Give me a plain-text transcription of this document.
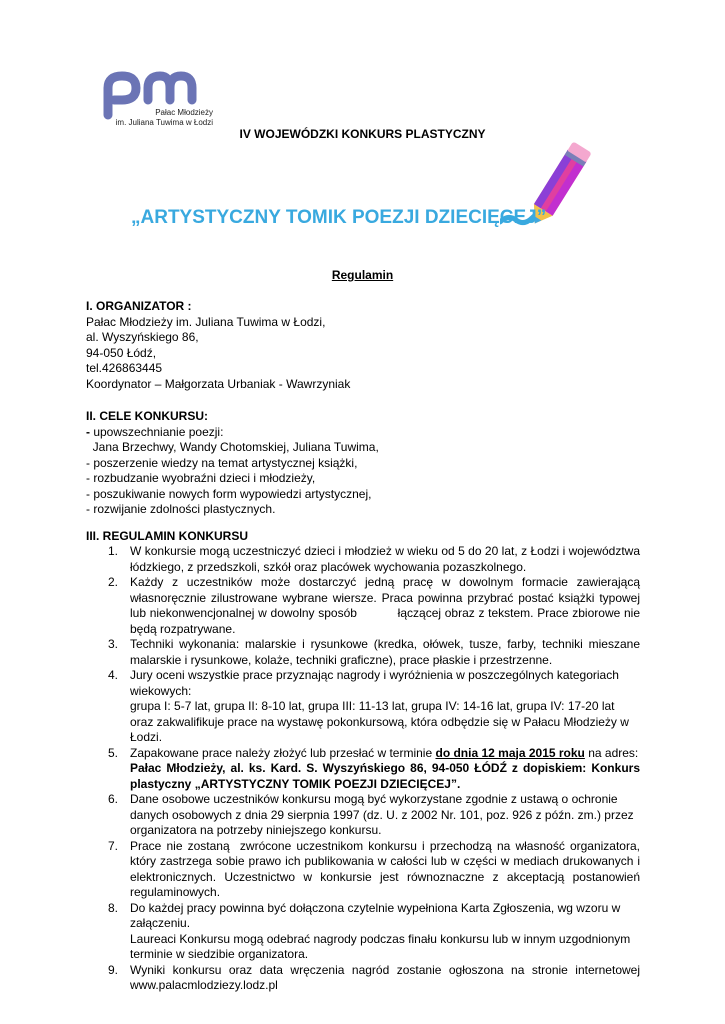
Pałac Młodzieży
im. Juliana Tuwima w Łodzi
IV WOJEWÓDZKI KONKURS PLASTYCZNY
„ARTYSTYCZNY TOMIK POEZJI DZIECIĘCEJ”
Regulamin
I. ORGANIZATOR :
Pałac Młodzieży im. Juliana Tuwima w Łodzi,
al. Wyszyńskiego 86,
94-050 Łódź,
tel.426863445
Koordynator – Małgorzata Urbaniak - Wawrzyniak
II. CELE KONKURSU:
- upowszechnianie poezji:
Jana Brzechwy, Wandy Chotomskiej, Juliana Tuwima,
- poszerzenie wiedzy na temat artystycznej książki,
- rozbudzanie wyobraźni dzieci i młodzieży,
- poszukiwanie nowych form wypowiedzi artystycznej,
- rozwijanie zdolności plastycznych.
III. REGULAMIN KONKURSU
1. W konkursie mogą uczestniczyć dzieci i młodzież w wieku od 5 do 20 lat, z Łodzi i województwa łódzkiego, z przedszkoli, szkół oraz placówek wychowania pozaszkolnego.
2. Każdy z uczestników może dostarczyć jedną pracę w dowolnym formacie zawierającą własnoręcznie zilustrowane wybrane wiersze. Praca powinna przybrać postać książki typowej lub niekonwencjonalnej w dowolny sposób           łączącej obraz z tekstem. Prace zbiorowe nie będą rozpatrywane.
3. Techniki wykonania: malarskie i rysunkowe (kredka, ołówek, tusze, farby, techniki mieszane malarskie i rysunkowe, kolaże, techniki graficzne), prace płaskie i przestrzenne.
4. Jury oceni wszystkie prace przyznając nagrody i wyróżnienia w poszczególnych kategoriach wiekowych:
grupa I: 5-7 lat, grupa II: 8-10 lat, grupa III: 11-13 lat, grupa IV: 14-16 lat, grupa IV: 17-20 lat
oraz zakwalifikuje prace na wystawę pokonkursową, która odbędzie się w Pałacu Młodzieży w Łodzi.
5. Zapakowane prace należy złożyć lub przesłać w terminie do dnia 12 maja 2015 roku na adres:
Pałac Młodzieży, al. ks. Kard. S. Wyszyńskiego 86, 94-050 ŁÓDŹ z dopiskiem: Konkurs plastyczny „ARTYSTYCZNY TOMIK POEZJI DZIECIĘCEJ”.
6. Dane osobowe uczestników konkursu mogą być wykorzystane zgodnie z ustawą o ochronie danych osobowych z dnia 29 sierpnia 1997 (dz. U. z 2002 Nr. 101, poz. 926 z późn. zm.) przez organizatora na potrzeby niniejszego konkursu.
7. Prace nie zostaną  zwrócone uczestnikom konkursu i przechodzą na własność organizatora, który zastrzega sobie prawo ich publikowania w całości lub w części w mediach drukowanych i elektronicznych. Uczestnictwo w konkursie jest równoznaczne z akceptacją postanowień regulaminowych.
8. Do każdej pracy powinna być dołączona czytelnie wypełniona Karta Zgłoszenia, wg wzoru w załączeniu.
Laureaci Konkursu mogą odebrać nagrody podczas finału konkursu lub w innym uzgodnionym terminie w siedzibie organizatora.
9. Wyniki konkursu oraz data wręczenia nagród zostanie ogłoszona na stronie internetowej www.palacmlodziezy.lodz.pl
